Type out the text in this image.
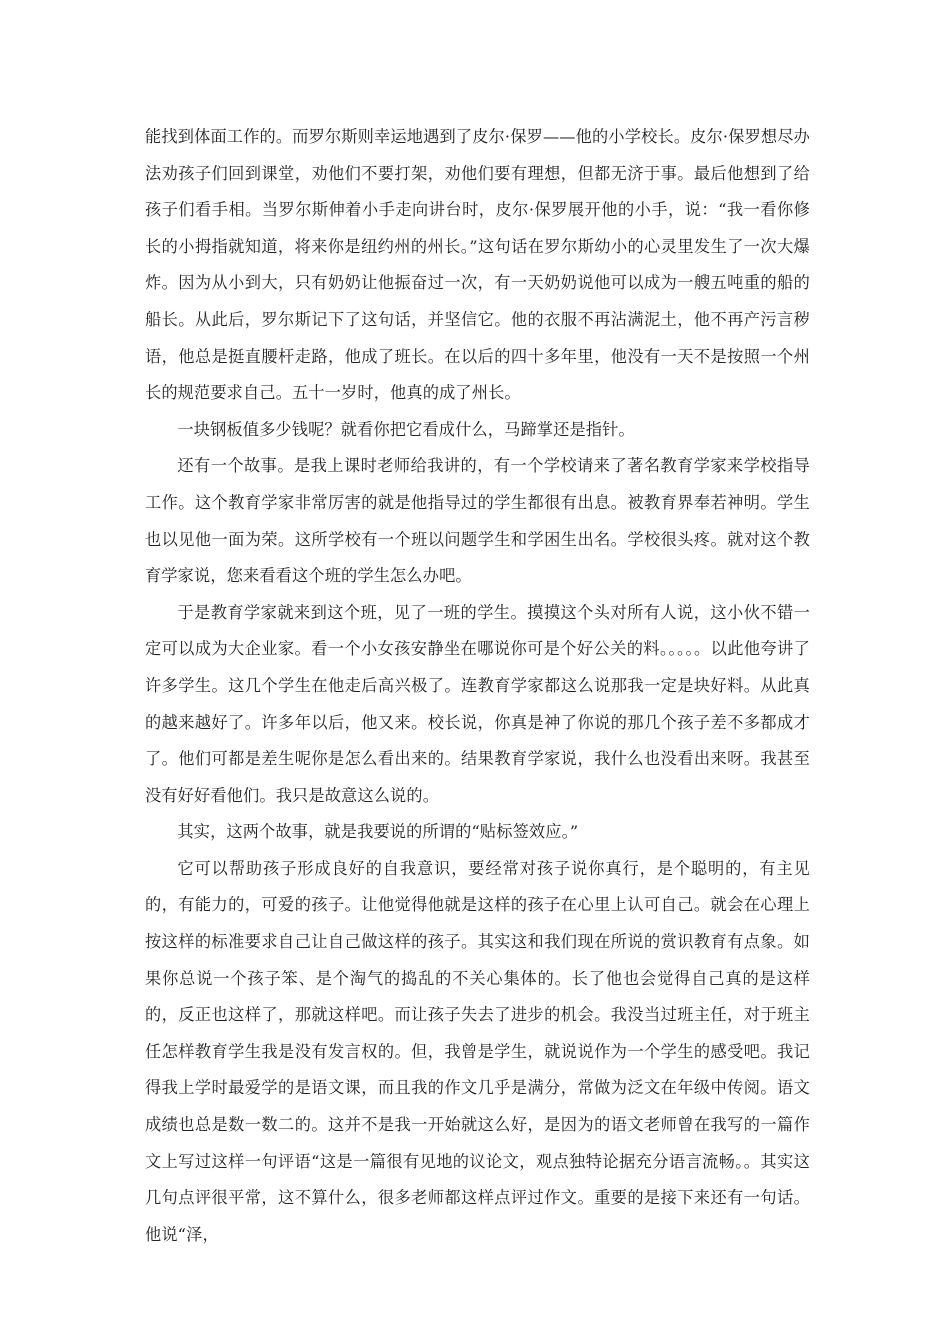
能找到体面工作的。而罗尔斯则幸运地遇到了皮尔·保罗——他的小学校长。皮尔·保罗想尽办法劝孩子们回到课堂，劝他们不要打架，劝他们要有理想，但都无济于事。最后他想到了给孩子们看手相。当罗尔斯伸着小手走向讲台时，皮尔·保罗展开他的小手，说：“我一看你修长的小拇指就知道，将来你是纽约州的州长。”这句话在罗尔斯幼小的心灵里发生了一次大爆炸。因为从小到大，只有奶奶让他振奋过一次，有一天奶奶说他可以成为一艘五吨重的船的船长。从此后，罗尔斯记下了这句话，并坚信它。他的衣服不再沾满泥土，他不再产污言秽语，他总是挺直腰杆走路，他成了班长。在以后的四十多年里，他没有一天不是按照一个州长的规范要求自己。五十一岁时，他真的成了州长。

一块钢板值多少钱呢？就看你把它看成什么，马蹄掌还是指针。

还有一个故事。是我上课时老师给我讲的，有一个学校请来了著名教育学家来学校指导工作。这个教育学家非常厉害的就是他指导过的学生都很有出息。被教育界奉若神明。学生也以见他一面为荣。这所学校有一个班以问题学生和学困生出名。学校很头疼。就对这个教育学家说，您来看看这个班的学生怎么办吧。

于是教育学家就来到这个班，见了一班的学生。摸摸这个头对所有人说，这小伙不错一定可以成为大企业家。看一个小女孩安静坐在哪说你可是个好公关的料。。。。。以此他夸讲了许多学生。这几个学生在他走后高兴极了。连教育学家都这么说那我一定是块好料。从此真的越来越好了。许多年以后，他又来。校长说，你真是神了你说的那几个孩子差不多都成才了。他们可都是差生呢你是怎么看出来的。结果教育学家说，我什么也没看出来呀。我甚至没有好好看他们。我只是故意这么说的。

其实，这两个故事，就是我要说的所谓的“贴标签效应。”

它可以帮助孩子形成良好的自我意识，要经常对孩子说你真行，是个聪明的，有主见的，有能力的，可爱的孩子。让他觉得他就是这样的孩子在心里上认可自己。就会在心理上按这样的标准要求自己让自己做这样的孩子。其实这和我们现在所说的赏识教育有点象。如果你总说一个孩子笨、是个淘气的捣乱的不关心集体的。长了他也会觉得自己真的是这样的，反正也这样了，那就这样吧。而让孩子失去了进步的机会。我没当过班主任，对于班主任怎样教育学生我是没有发言权的。但，我曾是学生，就说说作为一个学生的感受吧。我记得我上学时最爱学的是语文课，而且我的作文几乎是满分，常做为泛文在年级中传阅。语文成绩也总是数一数二的。这并不是我一开始就这么好，是因为的语文老师曾在我写的一篇作文上写过这样一句评语“这是一篇很有见地的议论文，观点独特论据充分语言流畅。。其实这几句点评很平常，这不算什么，很多老师都这样点评过作文。重要的是接下来还有一句话。他说“泽，
